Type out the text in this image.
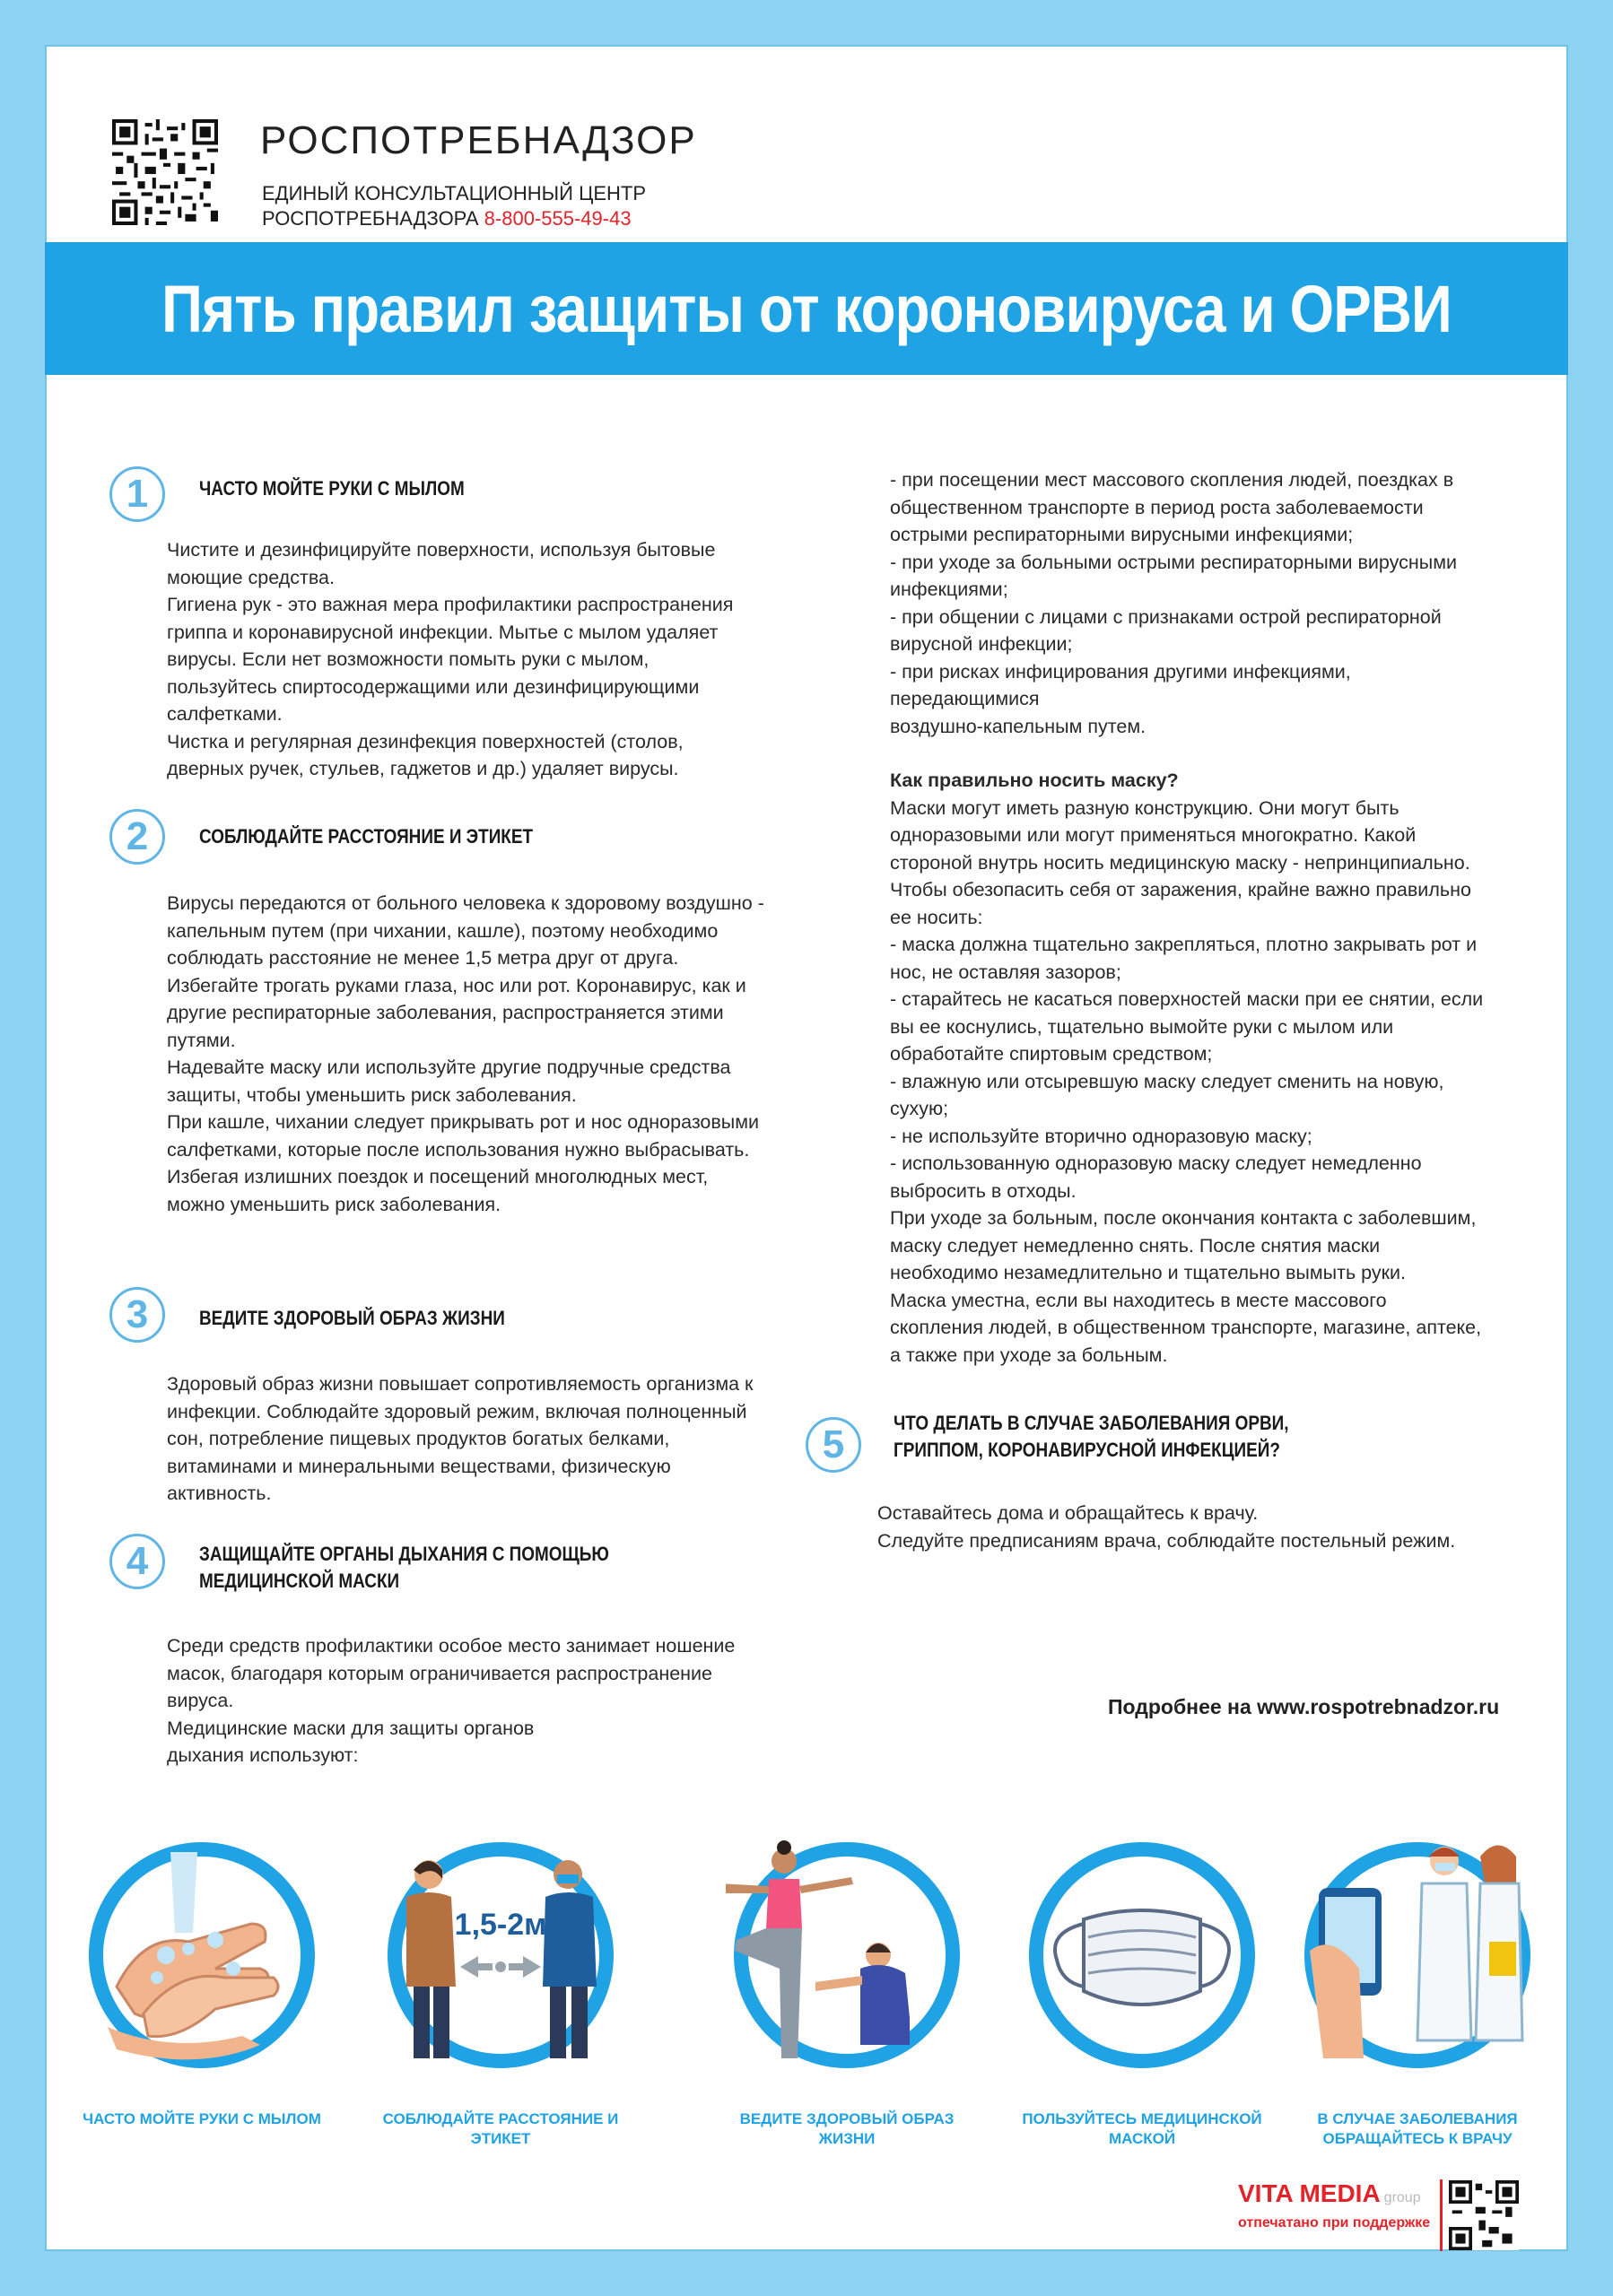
РОСПОТРЕБНАДЗОР
ЕДИНЫЙ КОНСУЛЬТАЦИОННЫЙ ЦЕНТР
РОСПОТРЕБНАДЗОРА 8-800-555-49-43
Пять правил защиты от короновируса и ОРВИ
1	ЧАСТО МОЙТЕ РУКИ С МЫЛОМ
Чистите и дезинфицируйте поверхности, используя бытовые
моющие средства.
Гигиена рук - это важная мера профилактики распространения
гриппа и коронавирусной инфекции. Мытье с мылом удаляет
вирусы. Если нет возможности помыть руки с мылом,
пользуйтесь спиртосодержащими или дезинфицирующими
салфетками.
Чистка и регулярная дезинфекция поверхностей (столов,
дверных ручек, стульев, гаджетов и др.) удаляет вирусы.
2	СОБЛЮДАЙТЕ РАССТОЯНИЕ И ЭТИКЕТ
Вирусы передаются от больного человека к здоровому воздушно -
капельным путем (при чихании, кашле), поэтому необходимо
соблюдать расстояние не менее 1,5 метра друг от друга.
Избегайте трогать руками глаза, нос или рот. Коронавирус, как и
другие респираторные заболевания, распространяется этими
путями.
Надевайте маску или используйте другие подручные средства
защиты, чтобы уменьшить риск заболевания.
При кашле, чихании следует прикрывать рот и нос одноразовыми
салфетками, которые после использования нужно выбрасывать.
Избегая излишних поездок и посещений многолюдных мест,
можно уменьшить риск заболевания.
3	ВЕДИТЕ ЗДОРОВЫЙ ОБРАЗ ЖИЗНИ
Здоровый образ жизни повышает сопротивляемость организма к
инфекции. Соблюдайте здоровый режим, включая полноценный
сон, потребление пищевых продуктов богатых белками,
витаминами и минеральными веществами, физическую
активность.
4	ЗАЩИЩАЙТЕ ОРГАНЫ ДЫХАНИЯ С ПОМОЩЬЮ
МЕДИЦИНСКОЙ МАСКИ
Среди средств профилактики особое место занимает ношение
масок, благодаря которым ограничивается распространение
вируса.
Медицинские маски для защиты органов
дыхания используют:
- при посещении мест массового скопления людей, поездках в
общественном транспорте в период роста заболеваемости
острыми респираторными вирусными инфекциями;
- при уходе за больными острыми респираторными вирусными
инфекциями;
- при общении с лицами с признаками острой респираторной
вирусной инфекции;
- при рисках инфицирования другими инфекциями,
передающимися
воздушно-капельным путем.
Как правильно носить маску?
Маски могут иметь разную конструкцию. Они могут быть
одноразовыми или могут применяться многократно. Какой
стороной внутрь носить медицинскую маску - непринципиально.
Чтобы обезопасить себя от заражения, крайне важно правильно
ее носить:
- маска должна тщательно закрепляться, плотно закрывать рот и
нос, не оставляя зазоров;
- старайтесь не касаться поверхностей маски при ее снятии, если
вы ее коснулись, тщательно вымойте руки с мылом или
обработайте спиртовым средством;
- влажную или отсыревшую маску следует сменить на новую,
сухую;
- не используйте вторично одноразовую маску;
- использованную одноразовую маску следует немедленно
выбросить в отходы.
При уходе за больным, после окончания контакта с заболевшим,
маску следует немедленно снять. После снятия маски
необходимо незамедлительно и тщательно вымыть руки.
Маска уместна, если вы находитесь в месте массового
скопления людей, в общественном транспорте, магазине, аптеке,
а также при уходе за больным.
5	ЧТО ДЕЛАТЬ В СЛУЧАЕ ЗАБОЛЕВАНИЯ ОРВИ,
ГРИППОМ, КОРОНАВИРУСНОЙ ИНФЕКЦИЕЙ?
Оставайтесь дома и обращайтесь к врачу.
Следуйте предписаниям врача, соблюдайте постельный режим.
Подробнее на www.rospotrebnadzor.ru
1,5-2м
ЧАСТО МОЙТЕ РУКИ С МЫЛОМ	СОБЛЮДАЙТЕ РАССТОЯНИЕ И ЭТИКЕТ
ВЕДИТЕ ЗДОРОВЫЙ ОБРАЗ ЖИЗНИ
ПОЛЬЗУЙТЕСЬ МЕДИЦИНСКОЙ МАСКОЙ
В СЛУЧАЕ ЗАБОЛЕВАНИЯ ОБРАЩАЙТЕСЬ К ВРАЧУ
VITA MEDIA group
отпечатано при поддержке
